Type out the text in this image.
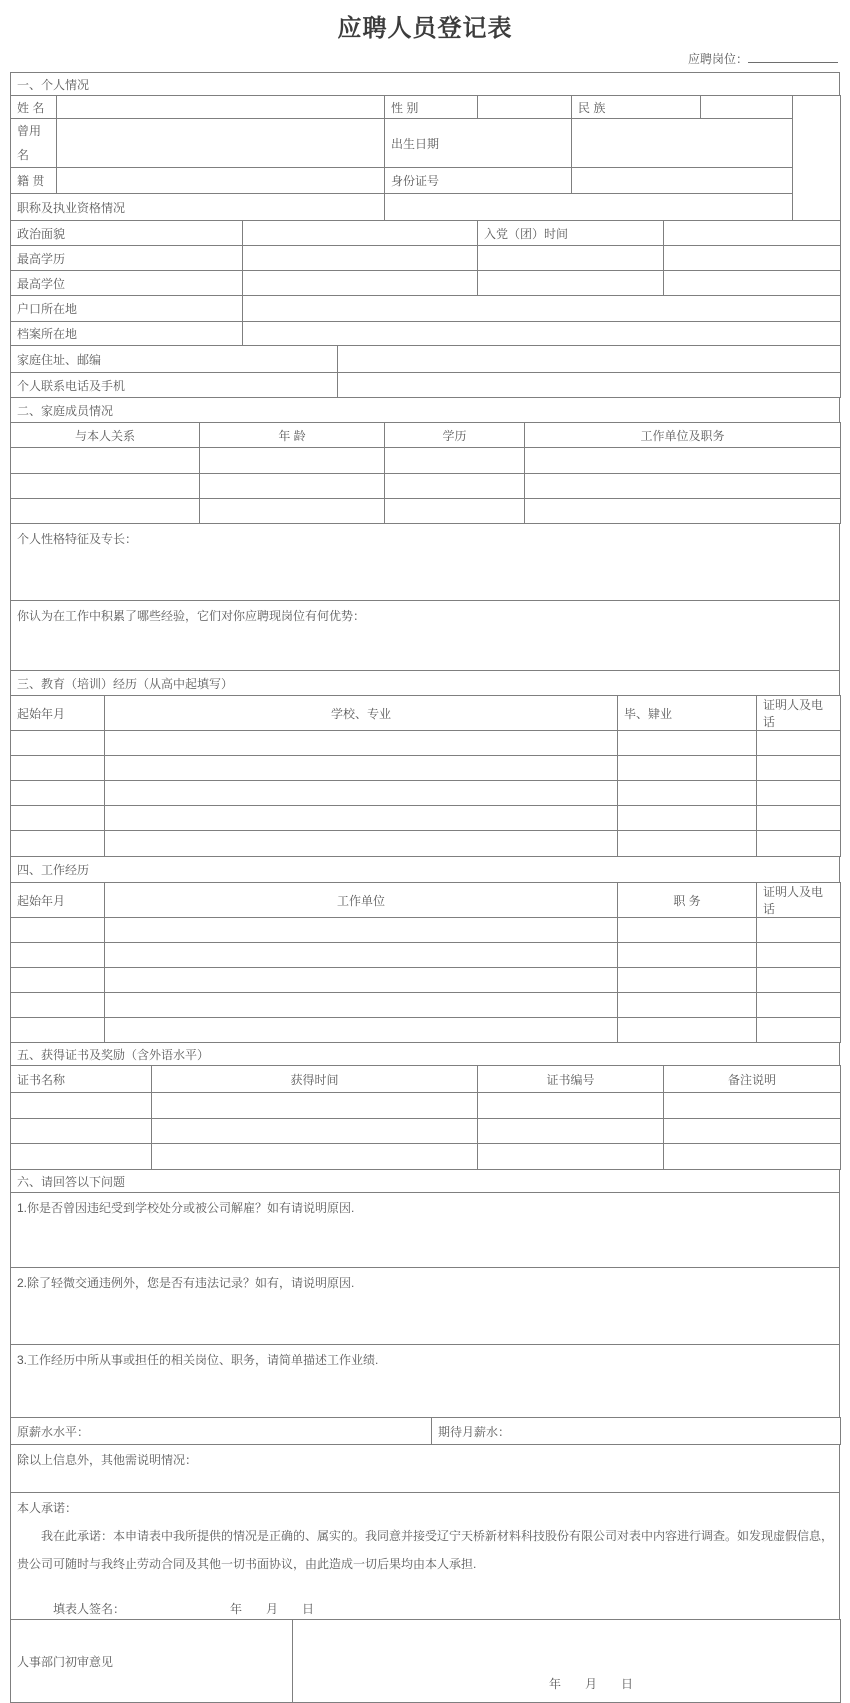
应聘人员登记表
应聘岗位：
一、个人情况
姓 名		性 别		民 族		
曾用名		出生日期				
籍 贯		身份证号				
职称及执业资格情况						
政治面貌		入党（团）时间	
最高学历			
最高学位			
户口所在地	
档案所在地	
家庭住址、邮编	
个人联系电话及手机	
二、家庭成员情况
与本人关系	年 龄	学历	工作单位及职务

个人性格特征及专长：
你认为在工作中积累了哪些经验，它们对你应聘现岗位有何优势：
三、教育（培训）经历（从高中起填写）
起始年月	学校、专业	毕、肄业	证明人及电话

四、工作经历
起始年月	工作单位	职 务	证明人及电话

五、获得证书及奖励（含外语水平）
证书名称	获得时间	证书编号	备注说明

六、请回答以下问题
1.你是否曾因违纪受到学校处分或被公司解雇？如有请说明原因.
2.除了轻微交通违例外，您是否有违法记录？如有，请说明原因.
3.工作经历中所从事或担任的相关岗位、职务，请简单描述工作业绩.
原薪水水平：	期待月薪水：
除以上信息外，其他需说明情况：
本人承诺：

我在此承诺：本申请表中我所提供的情况是正确的、属实的。我同意并接受辽宁天桥新材料科技股份有限公司对表中内容进行调查。如发现虚假信息，贵公司可随时与我终止劳动合同及其他一切书面协议，由此造成一切后果均由本人承担.

填表人签名：	年　月　日
人事部门初审意见	
年　月　日
